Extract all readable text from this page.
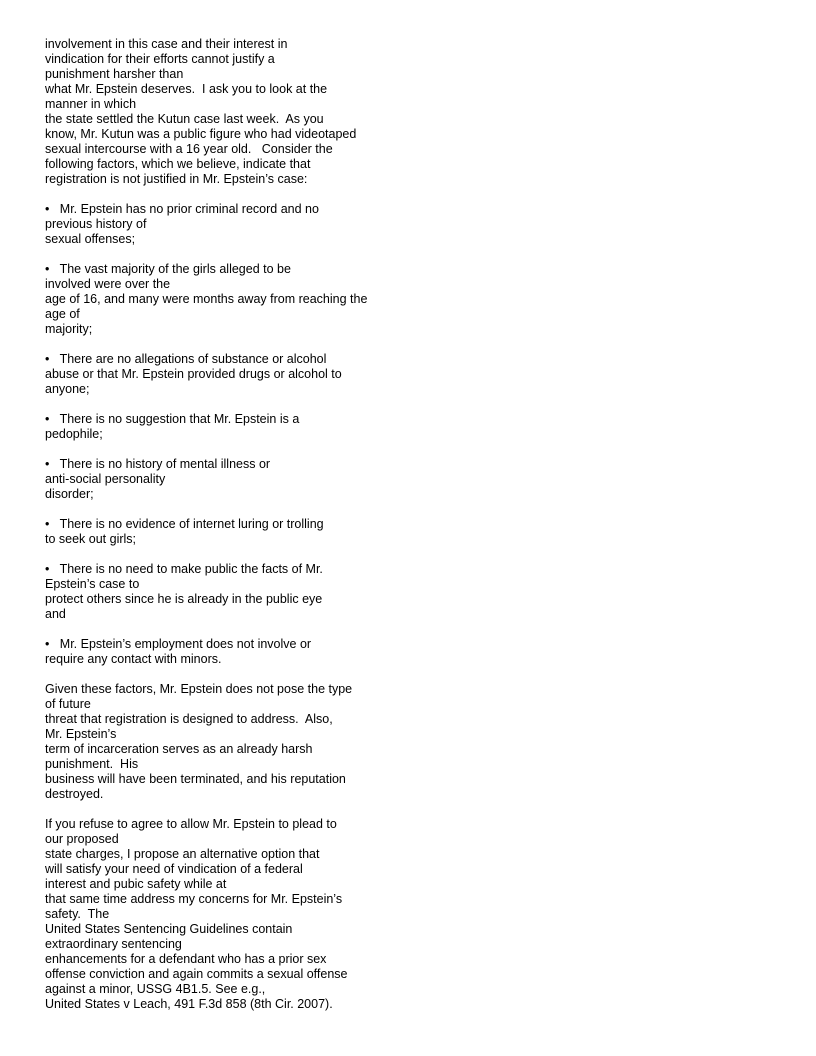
involvement in this case and their interest in
vindication for their efforts cannot justify a
punishment harsher than
what Mr. Epstein deserves.  I ask you to look at the
manner in which
the state settled the Kutun case last week.  As you
know, Mr. Kutun was a public figure who had videotaped
sexual intercourse with a 16 year old.   Consider the
following factors, which we believe, indicate that
registration is not justified in Mr. Epstein’s case:
•   Mr. Epstein has no prior criminal record and no
previous history of
sexual offenses;
•   The vast majority of the girls alleged to be
involved were over the
age of 16, and many were months away from reaching the
age of
majority;
•   There are no allegations of substance or alcohol
abuse or that Mr. Epstein provided drugs or alcohol to
anyone;
•   There is no suggestion that Mr. Epstein is a
pedophile;
•   There is no history of mental illness or
anti-social personality
disorder;
•   There is no evidence of internet luring or trolling
to seek out girls;
•   There is no need to make public the facts of Mr.
Epstein’s case to
protect others since he is already in the public eye
and
•   Mr. Epstein’s employment does not involve or
require any contact with minors.
Given these factors, Mr. Epstein does not pose the type
of future
threat that registration is designed to address.  Also,
Mr. Epstein’s
term of incarceration serves as an already harsh
punishment.  His
business will have been terminated, and his reputation
destroyed.
If you refuse to agree to allow Mr. Epstein to plead to
our proposed
state charges, I propose an alternative option that
will satisfy your need of vindication of a federal
interest and pubic safety while at
that same time address my concerns for Mr. Epstein’s
safety.  The
United States Sentencing Guidelines contain
extraordinary sentencing
enhancements for a defendant who has a prior sex
offense conviction and again commits a sexual offense
against a minor, USSG 4B1.5. See e.g.,
United States v Leach, 491 F.3d 858 (8th Cir. 2007).
